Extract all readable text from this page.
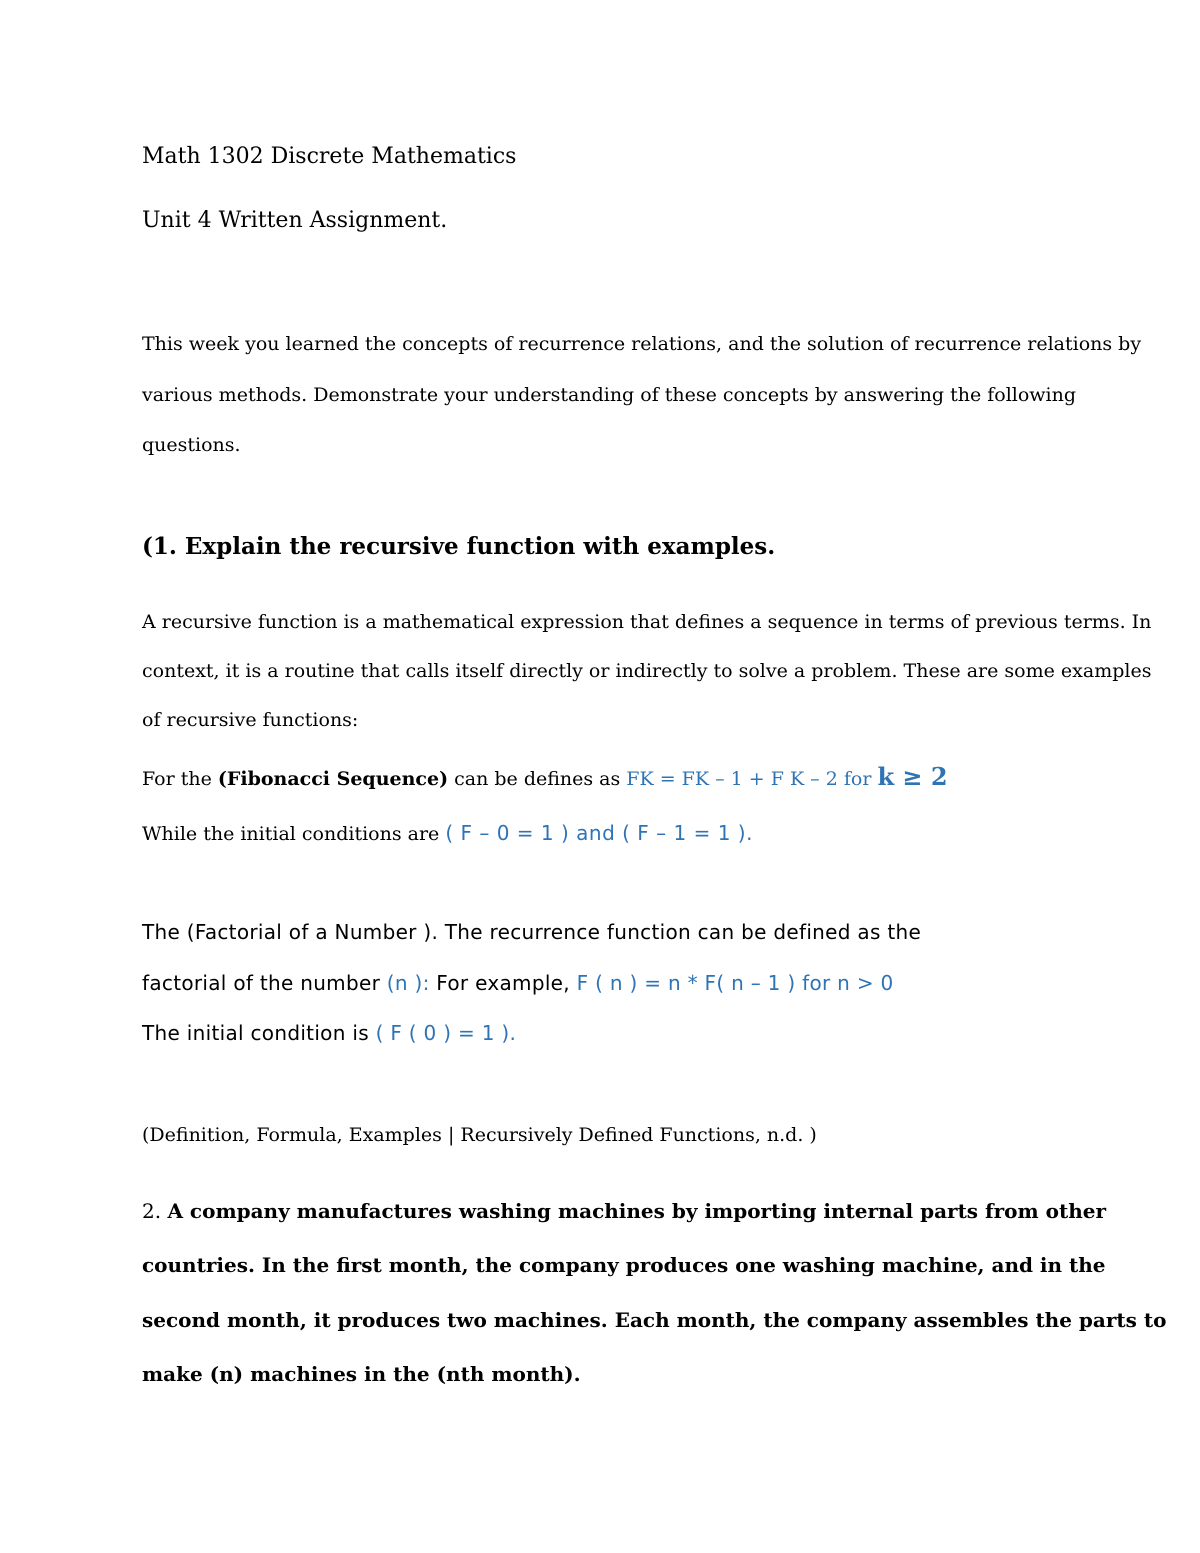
Math 1302 Discrete Mathematics
Unit 4 Written Assignment.
This week you learned the concepts of recurrence relations, and the solution of recurrence relations by
various methods. Demonstrate your understanding of these concepts by answering the following
questions.
(1. Explain the recursive function with examples.
A recursive function is a mathematical expression that defines a sequence in terms of previous terms. In
context, it is a routine that calls itself directly or indirectly to solve a problem. These are some examples
of recursive functions:
For the (Fibonacci Sequence) can be defines as FK = FK – 1 + F K – 2 for k ≥ 2
While the initial conditions are ( F – 0 = 1 ) and ( F – 1 = 1 ).
The (Factorial of a Number ). The recurrence function can be defined as the
factorial of the number (n ): For example, F ( n ) = n * F( n – 1 ) for n > 0
The initial condition is ( F ( 0 ) = 1 ).
(Definition, Formula, Examples | Recursively Defined Functions, n.d. )
2. A company manufactures washing machines by importing internal parts from other
countries. In the first month, the company produces one washing machine, and in the
second month, it produces two machines. Each month, the company assembles the parts to
make (n) machines in the (nth month).
